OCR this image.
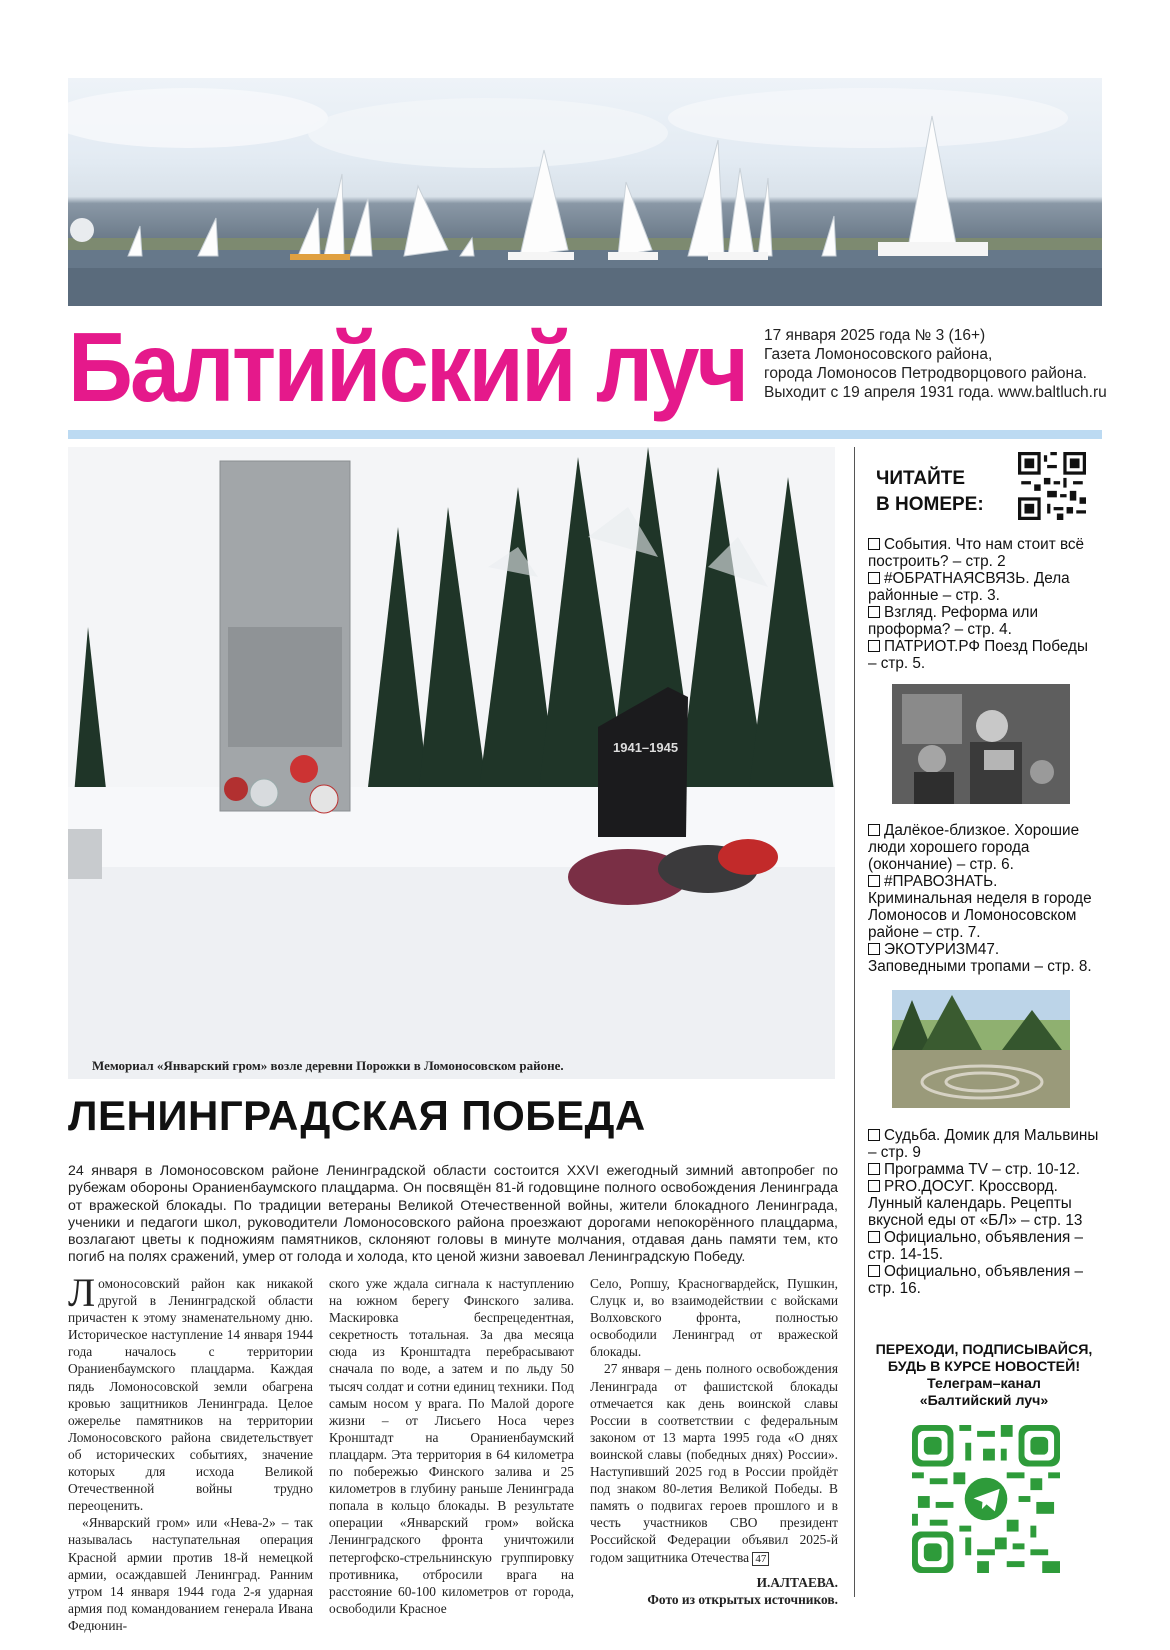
Балтийский луч 17 января 2025 года № 3 (16+)
Газета Ломоносовского района,
города Ломоносов Петродворцового района.
Выходит с 19 апреля 1931 года. www.baltluch.ru
1941–1945
Мемориал «Январский гром» возле деревни Порожки в Ломоносовском районе.
ЛЕНИНГРАДСКАЯ ПОБЕДА
24 января в Ломоносовском районе Ленинградской области состоится XXVI ежегодный зимний автопробег по рубежам обороны Ораниенбаумского плацдарма. Он посвящён 81-й годовщине полного освобождения Ленинграда от вражеской блокады. По традиции ветераны Великой Отечественной войны, жители блокадного Ленинграда, ученики и педагоги школ, руководители Ломоносовского района проезжают дорогами непокорённого плацдарма, возлагают цветы к подножиям памятников, склоняют головы в минуте молчания, отдавая дань памяти тем, кто погиб на полях сражений, умер от голода и холода, кто ценой жизни завоевал Ленинградскую Победу.

Ломоносовский район как никакой другой в Ленинградской области причастен к этому знаменательному дню. Историческое наступление 14 января 1944 года началось с территории Ораниенбаумского плацдарма. Каждая пядь Ломоносовской земли обагрена кровью защитников Ленинграда. Целое ожерелье памятников на территории Ломоносовского района свидетельствует об исторических событиях, значение которых для исхода Великой Отечественной войны трудно переоценить.

«Январский гром» или «Нева-2» – так называлась наступательная операция Красной армии против 18-й немецкой армии, осаждавшей Ленинград. Ранним утром 14 января 1944 года 2-я ударная армия под командованием генерала Ивана Федюнин-

ского уже ждала сигнала к наступлению на южном берегу Финского залива. Маскировка беспрецедентная, секретность тотальная. За два месяца сюда из Кронштадта перебрасывают сначала по воде, а затем и по льду 50 тысяч солдат и сотни единиц техники. Под самым носом у врага. По Малой дороге жизни – от Лисьего Носа через Кронштадт на Ораниенбаумский плацдарм. Эта территория в 64 километра по побережью Финского залива и 25 километров в глубину раньше Ленинграда попала в кольцо блокады. В результате операции «Январский гром» войска Ленинградского фронта уничтожили петергофско-стрельнинскую группировку противника, отбросили врага на расстояние 60-100 километров от города, освободили Красное

Село, Ропшу, Красногвардейск, Пушкин, Слуцк и, во взаимодействии с войсками Волховского фронта, полностью освободили Ленинград от вражеской блокады.

27 января – день полного освобождения Ленинграда от фашистской блокады отмечается как день воинской славы России в соответствии с федеральным законом от 13 марта 1995 года «О днях воинской славы (победных днях) России». Наступивший 2025 год в России пройдёт под знаком 80-летия Великой Победы. В память о подвигах героев прошлого и в честь участников СВО президент Российской Федерации объявил 2025-й годом защитника Отечества 47

И.АЛТАЕВА.
Фото из открытых источников.
ЧИТАЙТЕ
В НОМЕРЕ:
События. Что нам стоит всё построить? – стр. 2
#ОБРАТНАЯСВЯЗЬ. Дела районные – стр. 3.
Взгляд. Реформа или проформа? – стр. 4.
ПАТРИОТ.РФ Поезд Победы – стр. 5.
Далёкое-близкое. Хорошие люди хорошего города (окончание) – стр. 6.
#ПРАВОЗНАТЬ. Криминальная неделя в городе Ломоносов и Ломоносовском районе – стр. 7.
ЭКОТУРИЗМ47. Заповедными тропами – стр. 8.
Судьба. Домик для Мальвины – стр. 9
Программа TV – стр. 10-12.
PRO.ДОСУГ. Кроссворд. Лунный календарь. Рецепты вкусной еды от «БЛ» – стр. 13
Официально, объявления – стр. 14-15.
Официально, объявления – стр. 16.
ПЕРЕХОДИ, ПОДПИСЫВАЙСЯ,
БУДЬ В КУРСЕ НОВОСТЕЙ!
Телеграм–канал
«Балтийский луч»
